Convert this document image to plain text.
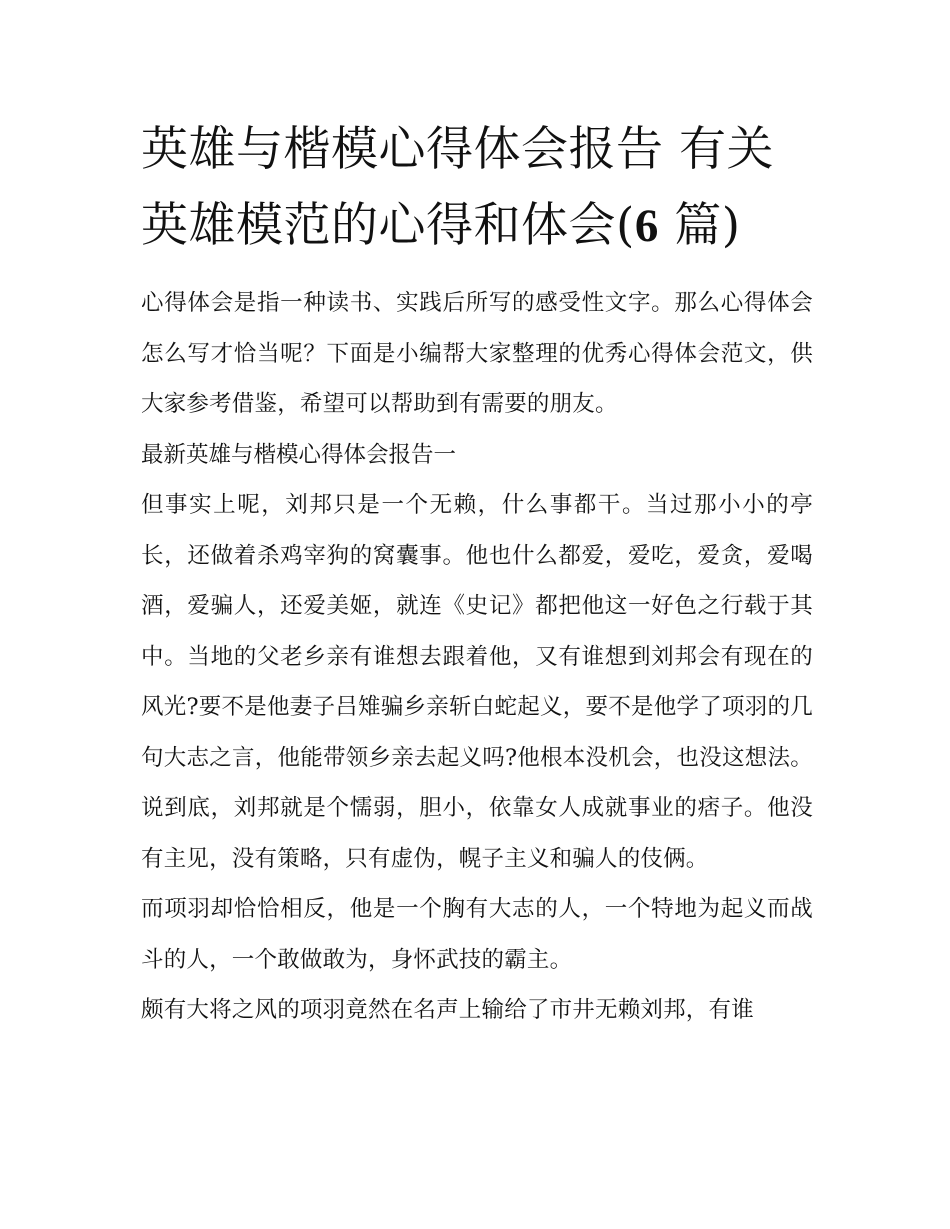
英雄与楷模心得体会报告 有关
英雄模范的心得和体会(6 篇)

心得体会是指一种读书、实践后所写的感受性文字。那么心得体会怎么写才恰当呢？下面是小编帮大家整理的优秀心得体会范文，供大家参考借鉴，希望可以帮助到有需要的朋友。

最新英雄与楷模心得体会报告一

但事实上呢，刘邦只是一个无赖，什么事都干。当过那小小的亭长，还做着杀鸡宰狗的窝囊事。他也什么都爱，爱吃，爱贪，爱喝酒，爱骗人，还爱美姬，就连《史记》都把他这一好色之行载于其中。当地的父老乡亲有谁想去跟着他，又有谁想到刘邦会有现在的风光?要不是他妻子吕雉骗乡亲斩白蛇起义，要不是他学了项羽的几句大志之言，他能带领乡亲去起义吗?他根本没机会，也没这想法。说到底，刘邦就是个懦弱，胆小，依靠女人成就事业的痞子。他没有主见，没有策略，只有虚伪，幌子主义和骗人的伎俩。

而项羽却恰恰相反，他是一个胸有大志的人，一个特地为起义而战斗的人，一个敢做敢为，身怀武技的霸主。

颇有大将之风的项羽竟然在名声上输给了市井无赖刘邦，有谁
